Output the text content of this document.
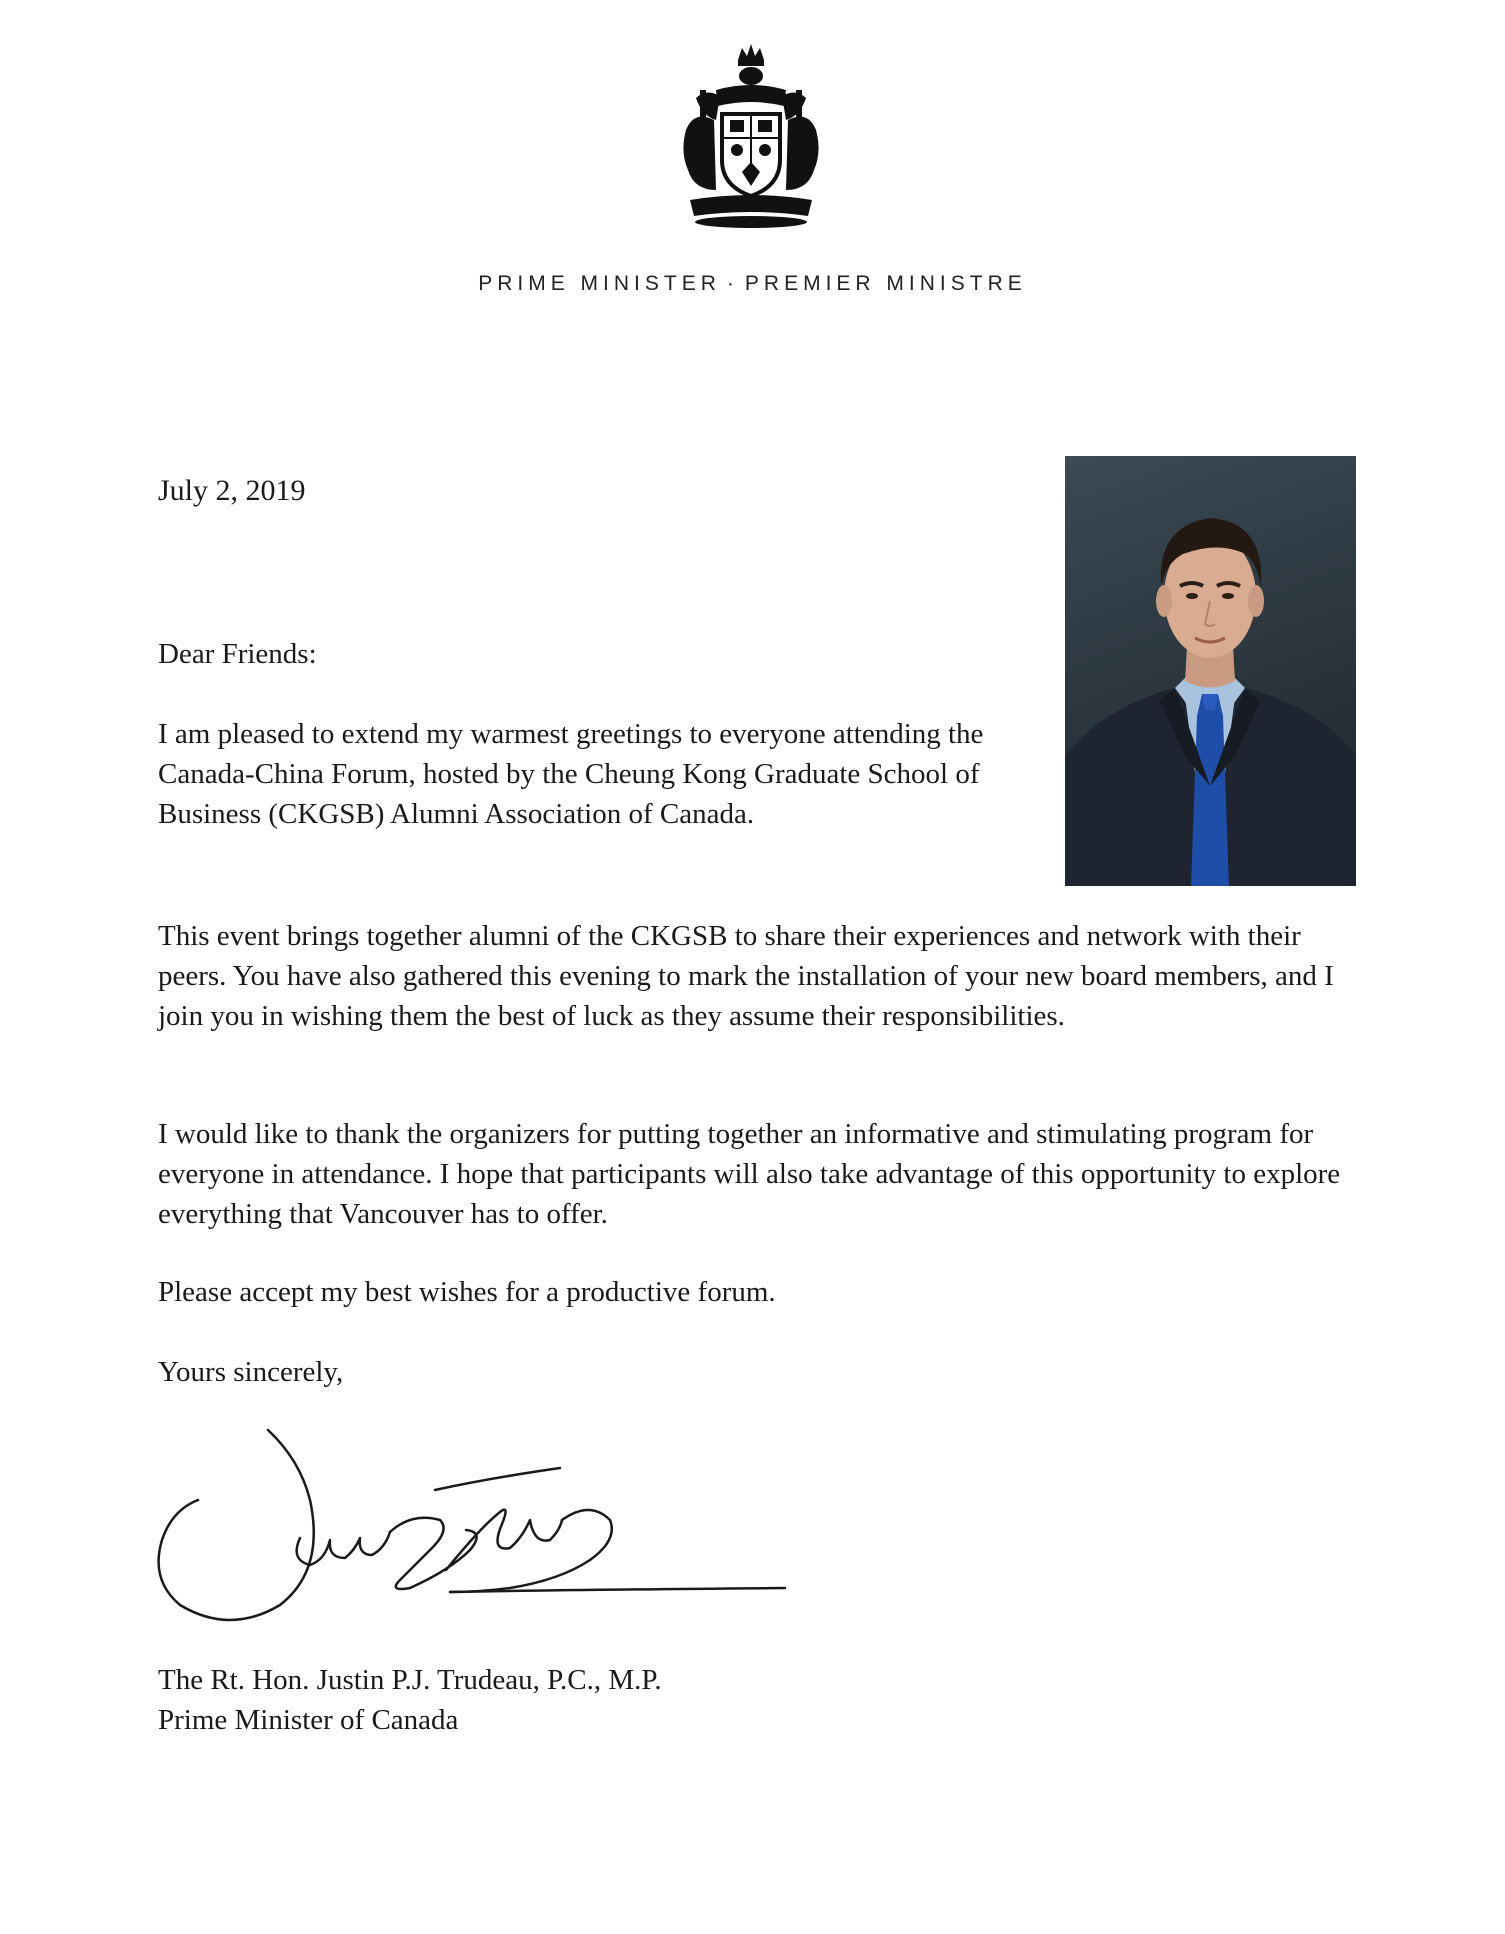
PRIME MINISTER · PREMIER MINISTRE
July 2, 2019
Dear Friends:

I am pleased to extend my warmest greetings to everyone attending the Canada-China Forum, hosted by the Cheung Kong Graduate School of Business (CKGSB) Alumni Association of Canada.

This event brings together alumni of the CKGSB to share their experiences and network with their peers. You have also gathered this evening to mark the installation of your new board members, and I join you in wishing them the best of luck as they assume their responsibilities.

I would like to thank the organizers for putting together an informative and stimulating program for everyone in attendance. I hope that participants will also take advantage of this opportunity to explore everything that Vancouver has to offer.

Please accept my best wishes for a productive forum.

Yours sincerely,
The Rt. Hon. Justin P.J. Trudeau, P.C., M.P.
Prime Minister of Canada
